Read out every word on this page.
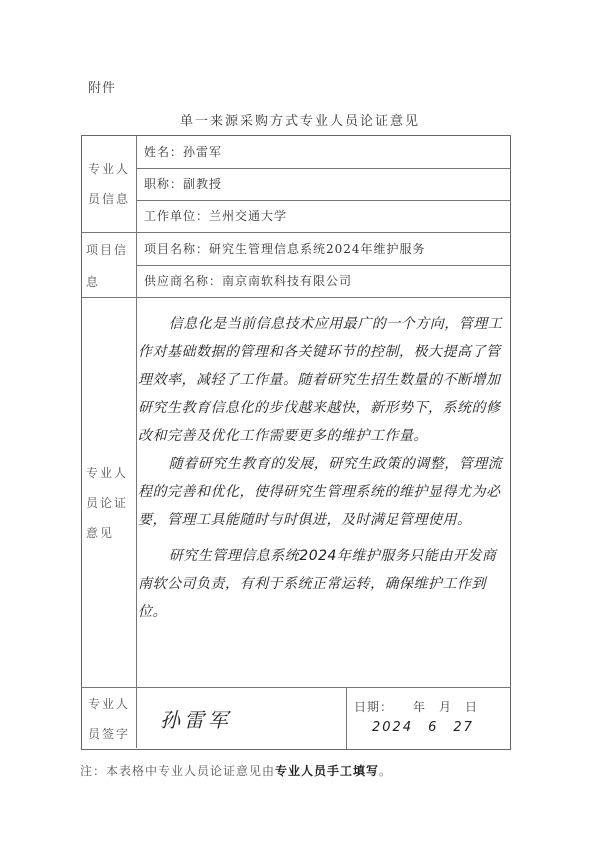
附件
单一来源采购方式专业人员论证意见
专业人
员信息
姓名：孙雷军
职称：副教授
工作单位：兰州交通大学
项目信
息
项目名称：研究生管理信息系统2024年维护服务
供应商名称：南京南软科技有限公司
专业人
员论证
意见

信息化是当前信息技术应用最广的一个方向，管理工作对基础数据的管理和各关键环节的控制，极大提高了管理效率，减轻了工作量。随着研究生招生数量的不断增加研究生教育信息化的步伐越来越快，新形势下，系统的修改和完善及优化工作需要更多的维护工作量。

随着研究生教育的发展，研究生政策的调整，管理流程的完善和优化，使得研究生管理系统的维护显得尤为必要，管理工具能随时与时俱进，及时满足管理使用。

研究生管理信息系统2024年维护服务只能由开发商南软公司负责，有利于系统正常运转，确保维护工作到位。

专业人
员签字
孙雷军
日期：　　年　月　日
2024　6　27
注：本表格中专业人员论证意见由专业人员手工填写。
